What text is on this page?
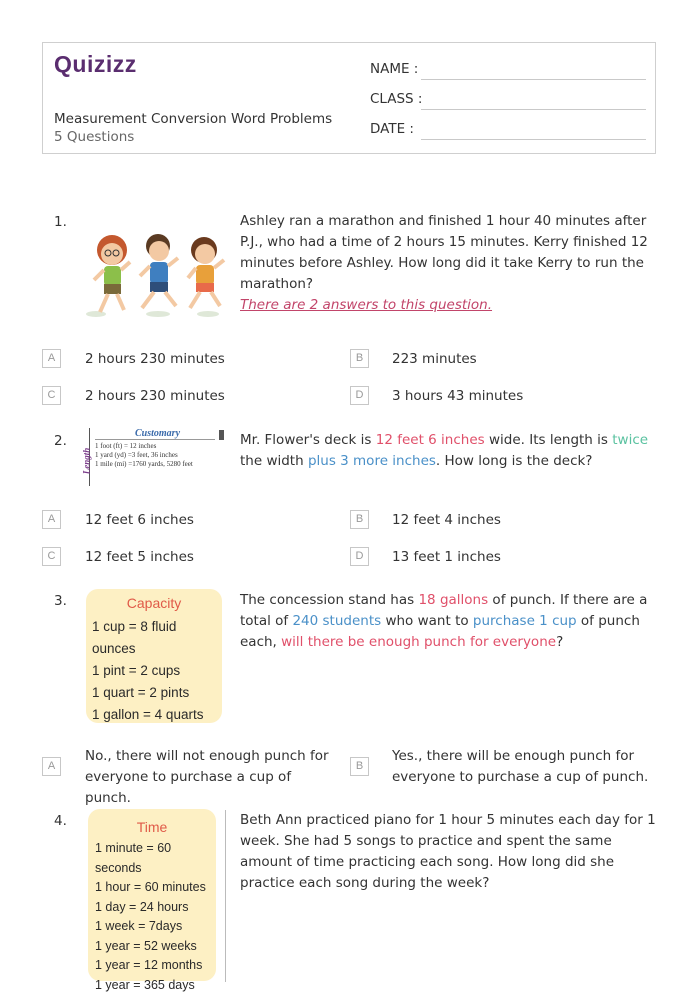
Quizizz
Measurement Conversion Word Problems
5 Questions
NAME :
CLASS :
DATE :
1.	Ashley ran a marathon and finished 1 hour 40 minutes after P.J., who had a time of 2 hours 15 minutes. Kerry finished 12 minutes before Ashley. How long did it take Kerry to run the marathon?
There are 2 answers to this question.
A	2 hours 230 minutes	B	223 minutes
C	2 hours 230 minutes	D	3 hours 43 minutes
2.
Length
Customary
1 foot (ft) = 12 inches
1 yard (yd) =3 feet, 36 inches
1 mile (mi) =1760 yards, 5280 feet
Mr. Flower's deck is 12 feet 6 inches wide. Its length is twice the width plus 3 more inches. How long is the deck?
A	12 feet 6 inches	B	12 feet 4 inches
C	12 feet 5 inches	D	13 feet 1 inches
3.	Capacity
1 cup = 8 fluid ounces
1 pint = 2 cups
1 quart = 2 pints
1 gallon = 4 quarts
The concession stand has 18 gallons of punch. If there are a total of 240 students who want to purchase 1 cup of punch each, will there be enough punch for everyone?
A
No., there will not enough punch for
everyone to purchase a cup of punch.
B
Yes., there will be enough punch for
everyone to purchase a cup of punch.
4.	Time
1 minute = 60 seconds
1 hour = 60 minutes
1 day = 24 hours
1 week = 7days
1 year = 52 weeks
1 year = 12 months
1 year = 365 days
Beth Ann practiced piano for 1 hour 5 minutes each day for 1 week. She had 5 songs to practice and spent the same amount of time practicing each song. How long did she practice each song during the week?
